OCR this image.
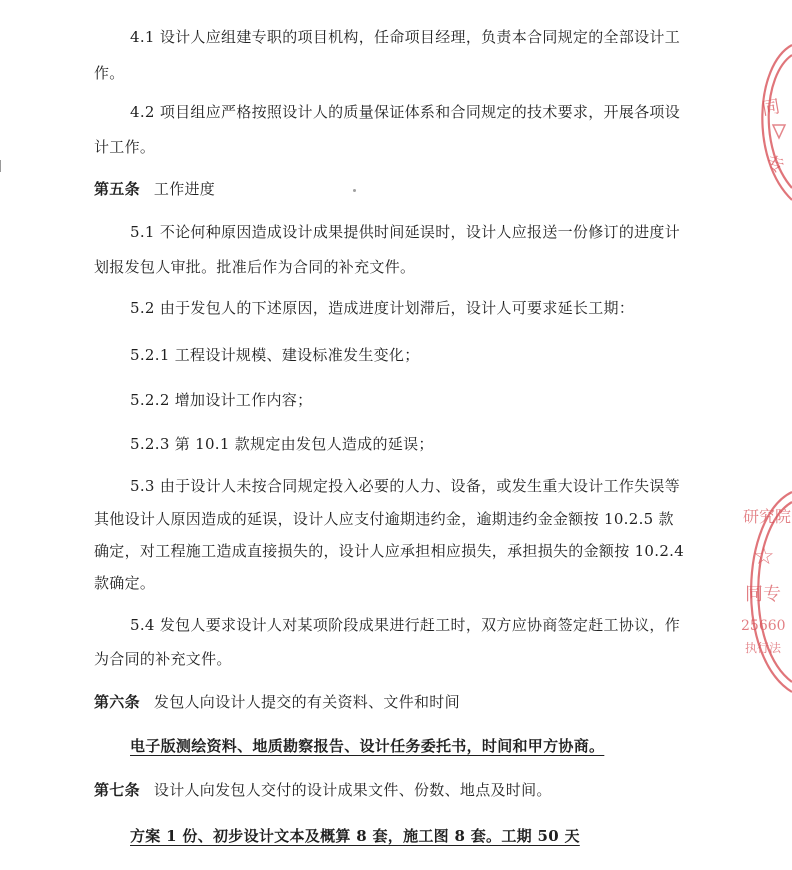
4.1 设计人应组建专职的项目机构，任命项目经理，负责本合同规定的全部设计工
作。
4.2 项目组应严格按照设计人的质量保证体系和合同规定的技术要求，开展各项设
计工作。
第五条 工作进度
5.1 不论何种原因造成设计成果提供时间延误时，设计人应报送一份修订的进度计
划报发包人审批。批准后作为合同的补充文件。
5.2 由于发包人的下述原因，造成进度计划滞后，设计人可要求延长工期：
5.2.1 工程设计规模、建设标准发生变化；
5.2.2 增加设计工作内容；
5.2.3 第 10.1 款规定由发包人造成的延误；
5.3 由于设计人未按合同规定投入必要的人力、设备，或发生重大设计工作失误等
其他设计人原因造成的延误，设计人应支付逾期违约金，逾期违约金金额按 10.2.5 款
确定，对工程施工造成直接损失的，设计人应承担相应损失，承担损失的金额按 10.2.4
款确定。
5.4 发包人要求设计人对某项阶段成果进行赶工时，双方应协商签定赶工协议，作
为合同的补充文件。
第六条 发包人向设计人提交的有关资料、文件和时间
电子版测绘资料、地质勘察报告、设计任务委托书，时间和甲方协商。
第七条 设计人向发包人交付的设计成果文件、份数、地点及时间。
方案 1 份、初步设计文本及概算 8 套，施工图 8 套。工期 50 天
同
专
研究院
☆
同专
25660
执行法
